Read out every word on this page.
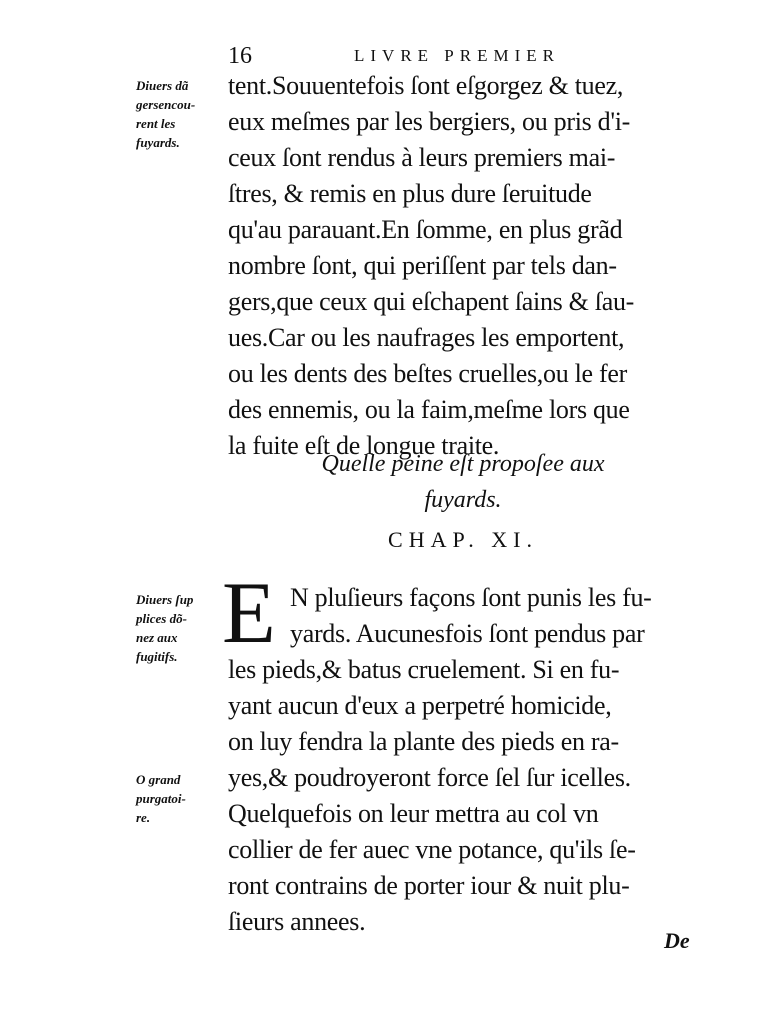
16	LIVRE PREMIER
Diuers dã
gersencou-
rent les
fuyards.
tent.Souuentefois ſont eſgorgez & tuez,
eux meſmes par les bergiers, ou pris d'i-
ceux ſont rendus à leurs premiers mai-
ſtres, & remis en plus dure ſeruitude
qu'au parauant.En ſomme, en plus grãd
nombre ſont, qui periſſent par tels dan-
gers,que ceux qui eſchapent ſains & ſau-
ues.Car ou les naufrages les emportent,
ou les dents des beſtes cruelles,ou le fer
des ennemis, ou la faim,meſme lors que
la fuite eſt de longue traite.
Quelle peine eſt propoſee aux
fuyards.
CHAP. XI.
Diuers ſup
plices dõ-
nez aux
fugitifs. E N pluſieurs façons ſont punis les fu-
yards. Aucunesfois ſont pendus par
les pieds,& batus cruelement. Si en fu-
yant aucun d'eux a perpetré homicide,
on luy fendra la plante des pieds en ra-
yes,& poudroyeront force ſel ſur icelles.
Quelquefois on leur mettra au col vn
collier de fer auec vne potance, qu'ils ſe-
ront contrains de porter iour & nuit plu-
ſieurs annees.
O grand
purgatoi-
re.
De
